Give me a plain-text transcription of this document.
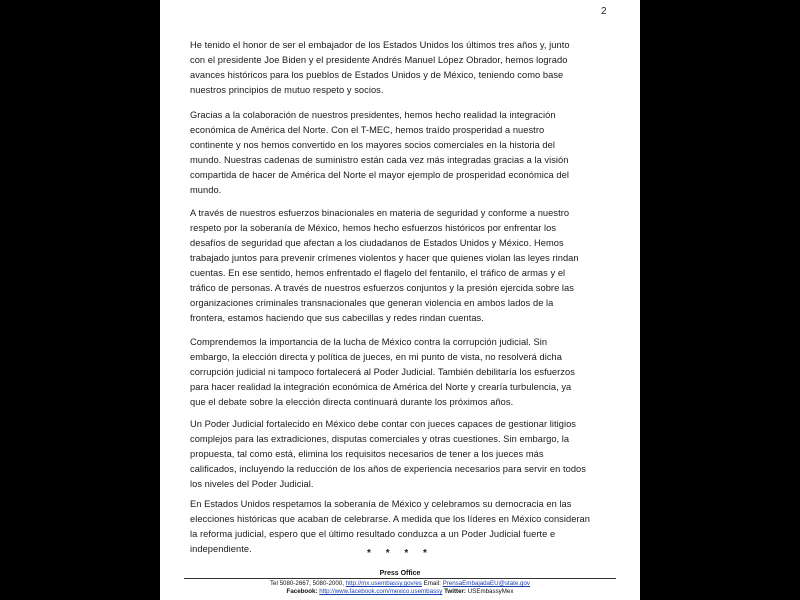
2
He tenido el honor de ser el embajador de los Estados Unidos los últimos tres años y, junto
con el presidente Joe Biden y el presidente Andrés Manuel López Obrador, hemos logrado
avances históricos para los pueblos de Estados Unidos y de México, teniendo como base
nuestros principios de mutuo respeto y socios.
Gracias a la colaboración de nuestros presidentes, hemos hecho realidad la integración
económica de América del Norte. Con el T-MEC, hemos traído prosperidad a nuestro
continente y nos hemos convertido en los mayores socios comerciales en la historia del
mundo. Nuestras cadenas de suministro están cada vez más integradas gracias a la visión
compartida de hacer de América del Norte el mayor ejemplo de prosperidad económica del
mundo.
A través de nuestros esfuerzos binacionales en materia de seguridad y conforme a nuestro
respeto por la soberanía de México, hemos hecho esfuerzos históricos por enfrentar los
desafíos de seguridad que afectan a los ciudadanos de Estados Unidos y México. Hemos
trabajado juntos para prevenir crímenes violentos y hacer que quienes violan las leyes rindan
cuentas. En ese sentido, hemos enfrentado el flagelo del fentanilo, el tráfico de armas y el
tráfico de personas. A través de nuestros esfuerzos conjuntos y la presión ejercida sobre las
organizaciones criminales transnacionales que generan violencia en ambos lados de la
frontera, estamos haciendo que sus cabecillas y redes rindan cuentas.
Comprendemos la importancia de la lucha de México contra la corrupción judicial. Sin
embargo, la elección directa y política de jueces, en mi punto de vista, no resolverá dicha
corrupción judicial ni tampoco fortalecerá al Poder Judicial. También debilitaría los esfuerzos
para hacer realidad la integración económica de América del Norte y crearía turbulencia, ya
que el debate sobre la elección directa continuará durante los próximos años.
Un Poder Judicial fortalecido en México debe contar con jueces capaces de gestionar litigios
complejos para las extradiciones, disputas comerciales y otras cuestiones. Sin embargo, la
propuesta, tal como está, elimina los requisitos necesarios de tener a los jueces más
calificados, incluyendo la reducción de los años de experiencia necesarios para servir en todos
los niveles del Poder Judicial.
En Estados Unidos respetamos la soberanía de México y celebramos su democracia en las
elecciones históricas que acaban de celebrarse. A medida que los líderes en México consideran
la reforma judicial, espero que el último resultado conduzca a un Poder Judicial fuerte e
independiente.	* * * *
Press Office
Tel 5080-2667, 5080-2000, http://mx.usembassy.gov/es Email: PrensaEmbajadaEU@state.gov
Facebook: http://www.facebook.com/mexico.usembassy Twitter: USEmbassyMex
